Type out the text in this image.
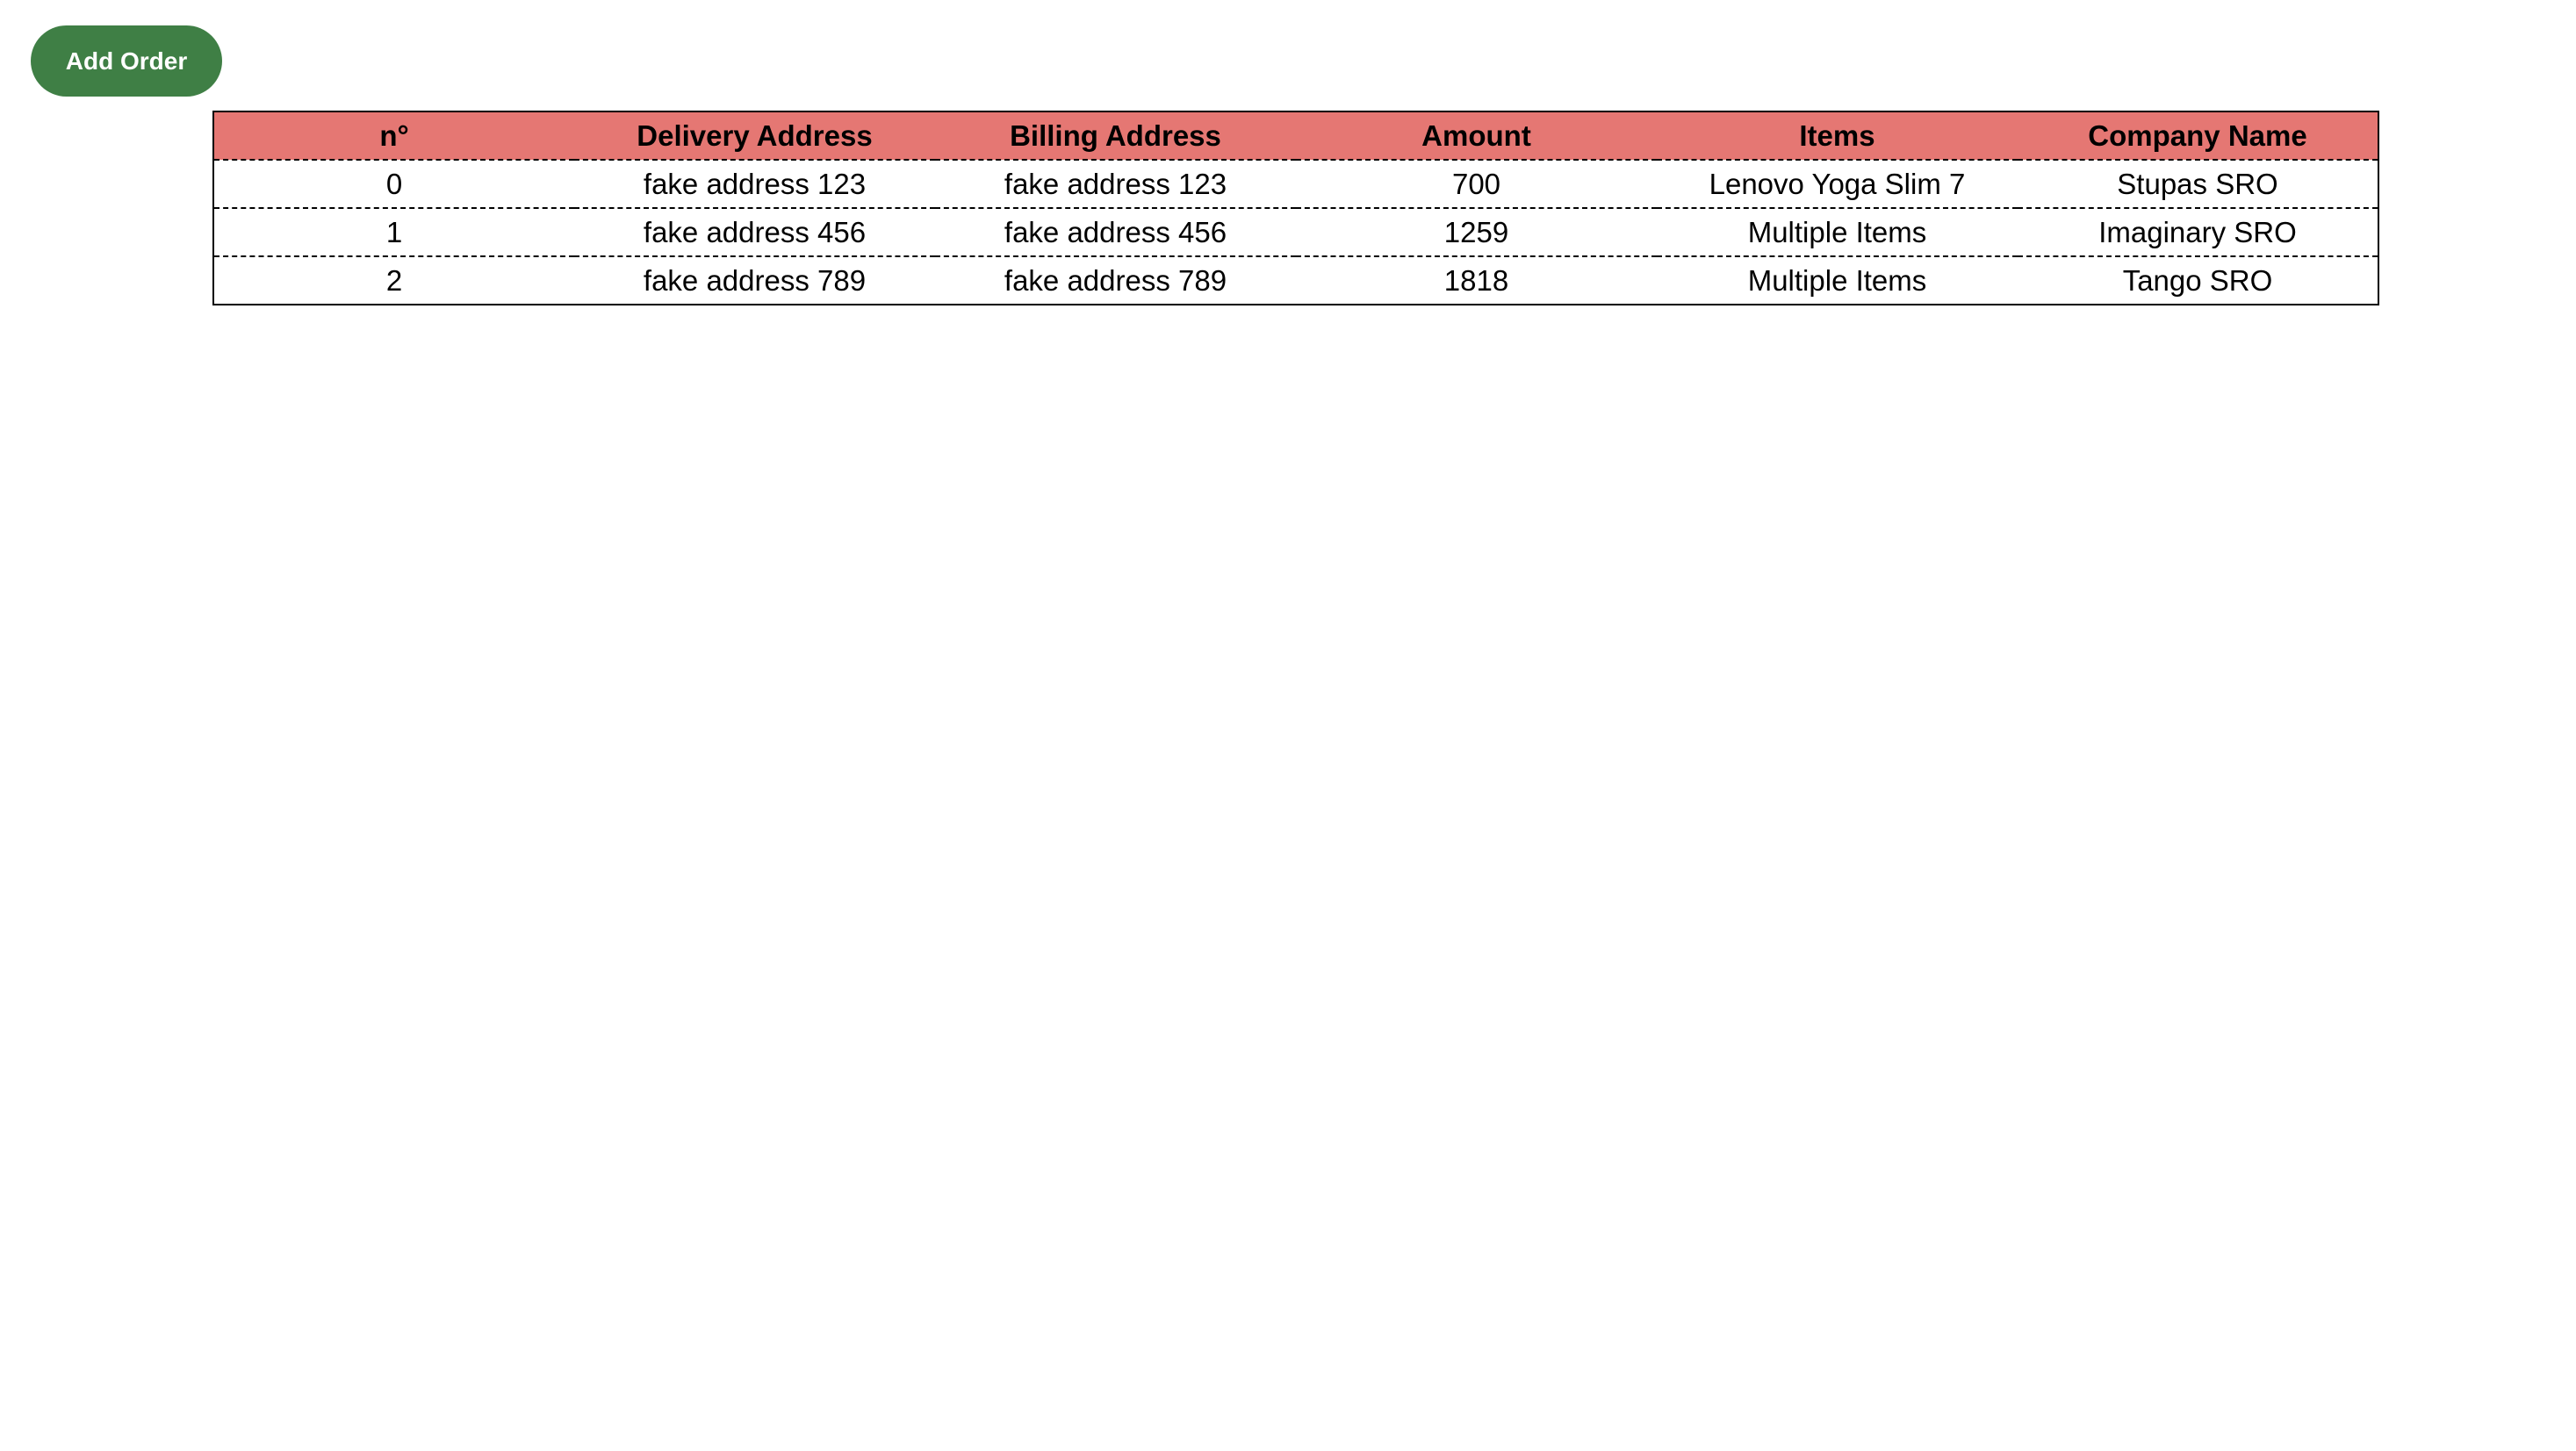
Add Order
n°	Delivery Address	Billing Address	Amount	Items	Company Name
0	fake address 123	fake address 123	700	Lenovo Yoga Slim 7	Stupas SRO
1	fake address 456	fake address 456	1259	Multiple Items	Imaginary SRO
2	fake address 789	fake address 789	1818	Multiple Items	Tango SRO
